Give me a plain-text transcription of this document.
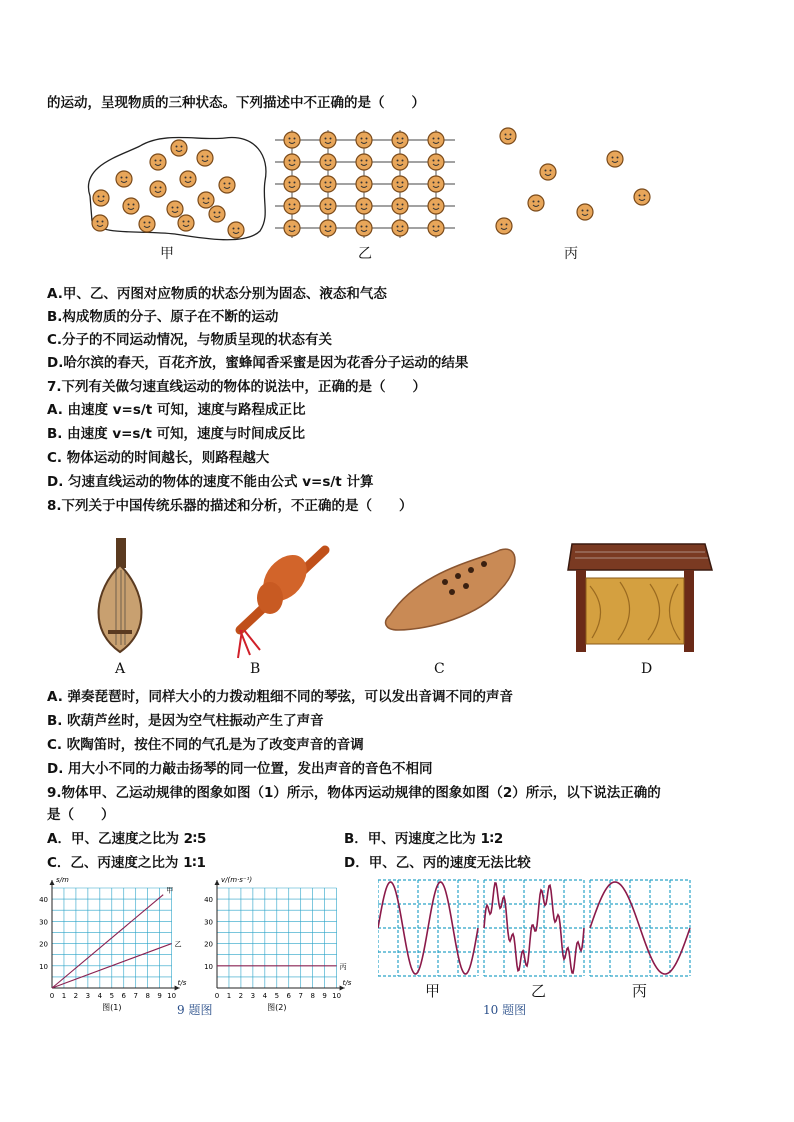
的运动，呈现物质的三种状态。下列描述中不正确的是（　　）
甲	乙	丙
A.甲、乙、丙图对应物质的状态分别为固态、液态和气态
B.构成物质的分子、原子在不断的运动
C.分子的不同运动情况，与物质呈现的状态有关
D.哈尔滨的春天，百花齐放，蜜蜂闻香采蜜是因为花香分子运动的结果
7.下列有关做匀速直线运动的物体的说法中，正确的是（　　）
A. 由速度 v=s/t 可知，速度与路程成正比
B. 由速度 v=s/t 可知，速度与时间成反比
C. 物体运动的时间越长，则路程越大
D. 匀速直线运动的物体的速度不能由公式 v=s/t 计算
8.下列关于中国传统乐器的描述和分析，不正确的是（　　）
A	B	C	D
A. 弹奏琵琶时，同样大小的力拨动粗细不同的琴弦，可以发出音调不同的声音
B. 吹葫芦丝时，是因为空气柱振动产生了声音
C. 吹陶笛时，按住不同的气孔是为了改变声音的音调
D. 用大小不同的力敲击扬琴的同一位置，发出声音的音色不相同
9.物体甲、乙运动规律的图象如图（1）所示，物体丙运动规律的图象如图（2）所示，以下说法正确的
是（　　）
A．甲、乙速度之比为 2∶5	B．甲、丙速度之比为 1∶2
C．乙、丙速度之比为 1∶1	D．甲、乙、丙的速度无法比较
0 1 2 3 4 5 6 7 8 9 10
10
20
30
40
s/m
t/s
图(1)
甲
乙
0 1 2 3 4 5 6 7 8 9 10
10
20
30
40
v/(m·s⁻¹)
t/s
图(2)
丙
9 题图
甲	乙	丙
10 题图
